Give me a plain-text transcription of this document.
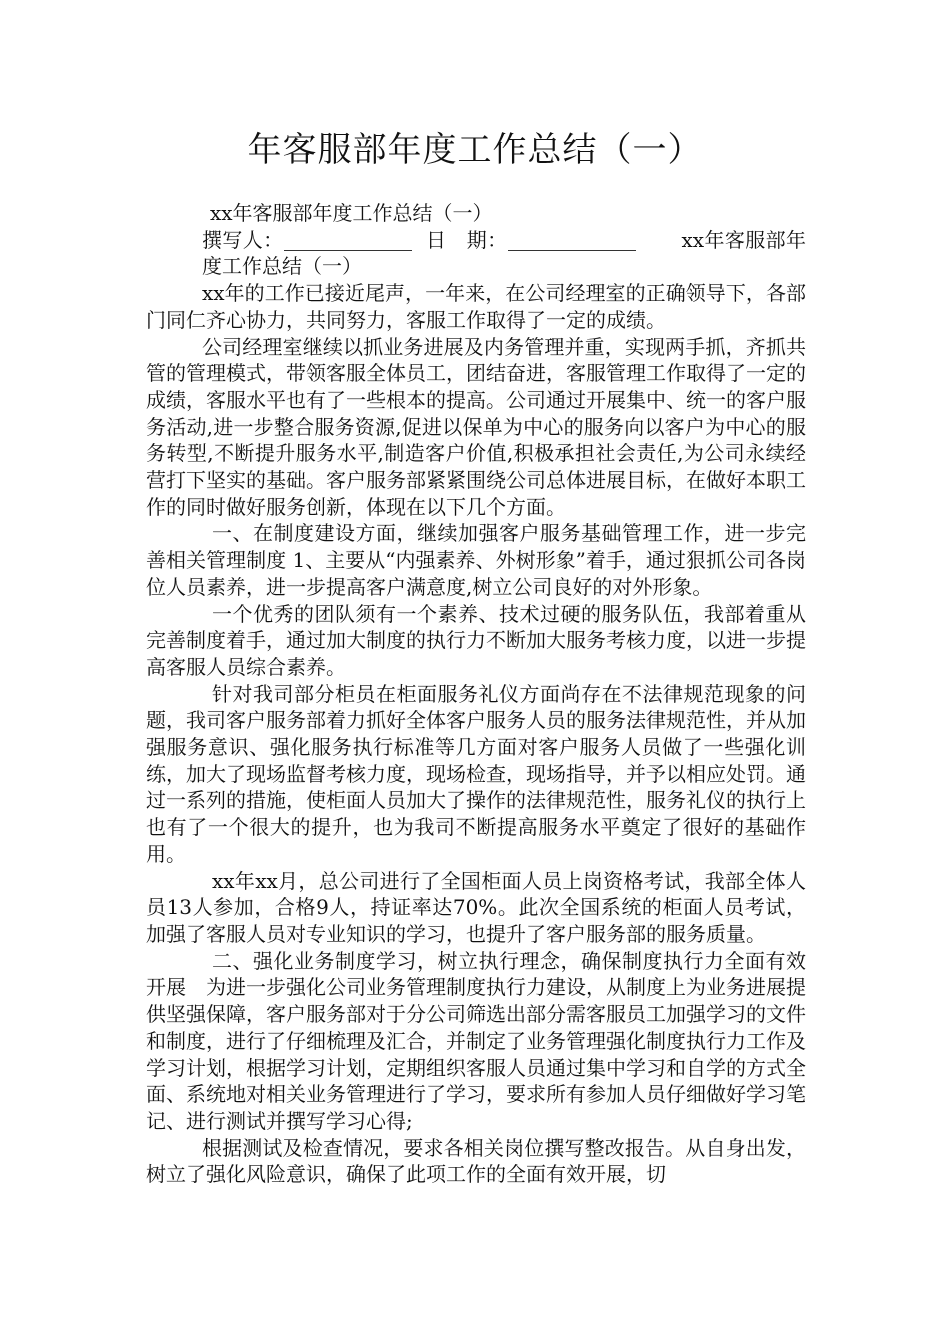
年客服部年度工作总结（一）

xx年客服部年度工作总结（一）

撰写人：	日　期：	xx年客服部年度工作总结（一）

xx年的工作已接近尾声，一年来，在公司经理室的正确领导下，各部门同仁齐心协力，共同努力，客服工作取得了一定的成绩。

公司经理室继续以抓业务进展及内务管理并重，实现两手抓，齐抓共管的管理模式，带领客服全体员工，团结奋进，客服管理工作取得了一定的成绩，客服水平也有了一些根本的提高。公司通过开展集中、统一的客户服务活动,进一步整合服务资源,促进以保单为中心的服务向以客户为中心的服务转型,不断提升服务水平,制造客户价值,积极承担社会责任,为公司永续经营打下坚实的基础。客户服务部紧紧围绕公司总体进展目标，在做好本职工作的同时做好服务创新，体现在以下几个方面。

一、在制度建设方面，继续加强客户服务基础管理工作，进一步完善相关管理制度 1、主要从“内强素养、外树形象”着手，通过狠抓公司各岗位人员素养，进一步提高客户满意度,树立公司良好的对外形象。

一个优秀的团队须有一个素养、技术过硬的服务队伍，我部着重从完善制度着手，通过加大制度的执行力不断加大服务考核力度，以进一步提高客服人员综合素养。

针对我司部分柜员在柜面服务礼仪方面尚存在不法律规范现象的问题，我司客户服务部着力抓好全体客户服务人员的服务法律规范性，并从加强服务意识、强化服务执行标准等几方面对客户服务人员做了一些强化训练，加大了现场监督考核力度，现场检查，现场指导，并予以相应处罚。通过一系列的措施，使柜面人员加大了操作的法律规范性，服务礼仪的执行上也有了一个很大的提升，也为我司不断提高服务水平奠定了很好的基础作用。

xx年xx月，总公司进行了全国柜面人员上岗资格考试，我部全体人员13人参加，合格9人，持证率达70%。此次全国系统的柜面人员考试，加强了客服人员对专业知识的学习，也提升了客户服务部的服务质量。

二、强化业务制度学习，树立执行理念，确保制度执行力全面有效开展　为进一步强化公司业务管理制度执行力建设，从制度上为业务进展提供坚强保障，客户服务部对于分公司筛选出部分需客服员工加强学习的文件和制度，进行了仔细梳理及汇合，并制定了业务管理强化制度执行力工作及学习计划，根据学习计划，定期组织客服人员通过集中学习和自学的方式全面、系统地对相关业务管理进行了学习，要求所有参加人员仔细做好学习笔记、进行测试并撰写学习心得;

根据测试及检查情况，要求各相关岗位撰写整改报告。从自身出发，树立了强化风险意识，确保了此项工作的全面有效开展，切
